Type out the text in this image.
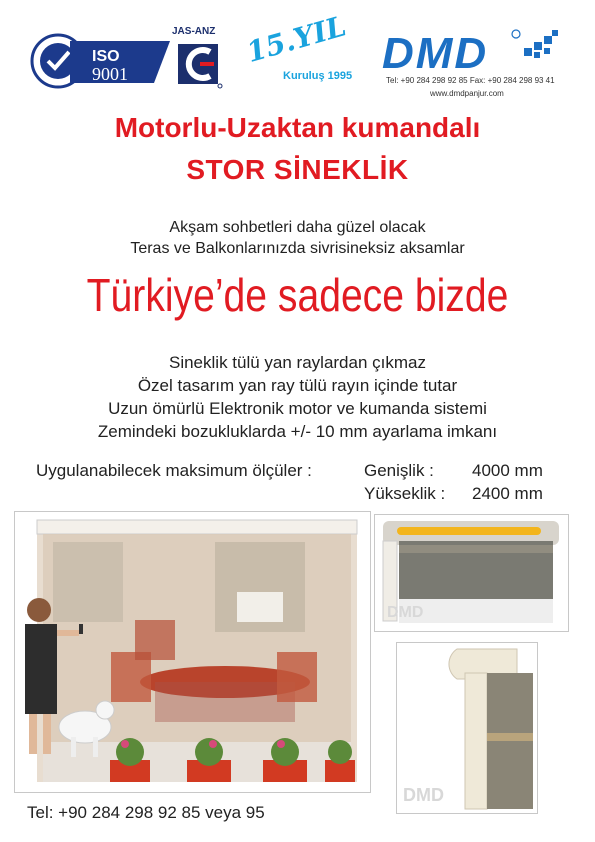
ISO
9001
JAS-ANZ 15.YIL
Kuruluş 1995 DMD
Tel: +90 284 298 92 85 Fax: +90 284 298 93 41
www.dmdpanjur.com
Motorlu-Uzaktan kumandalı
STOR SİNEKLİK
Akşam sohbetleri daha güzel olacak
Teras ve Balkonlarınızda sivrisineksiz aksamlar
Türkiye’de sadece bizde
Sineklik tülü yan raylardan çıkmaz
Özel tasarım yan ray tülü rayın içinde tutar
Uzun ömürlü Elektronik motor ve kumanda sistemi
Zemindeki bozukluklarda +/- 10 mm ayarlama imkanı
Uygulanabilecek maksimum ölçüler :	Genişlik : 4000 mm
Yükseklik : 2400 mm
DMD
DMD
Tel: +90 284 298 92 85 veya 95
